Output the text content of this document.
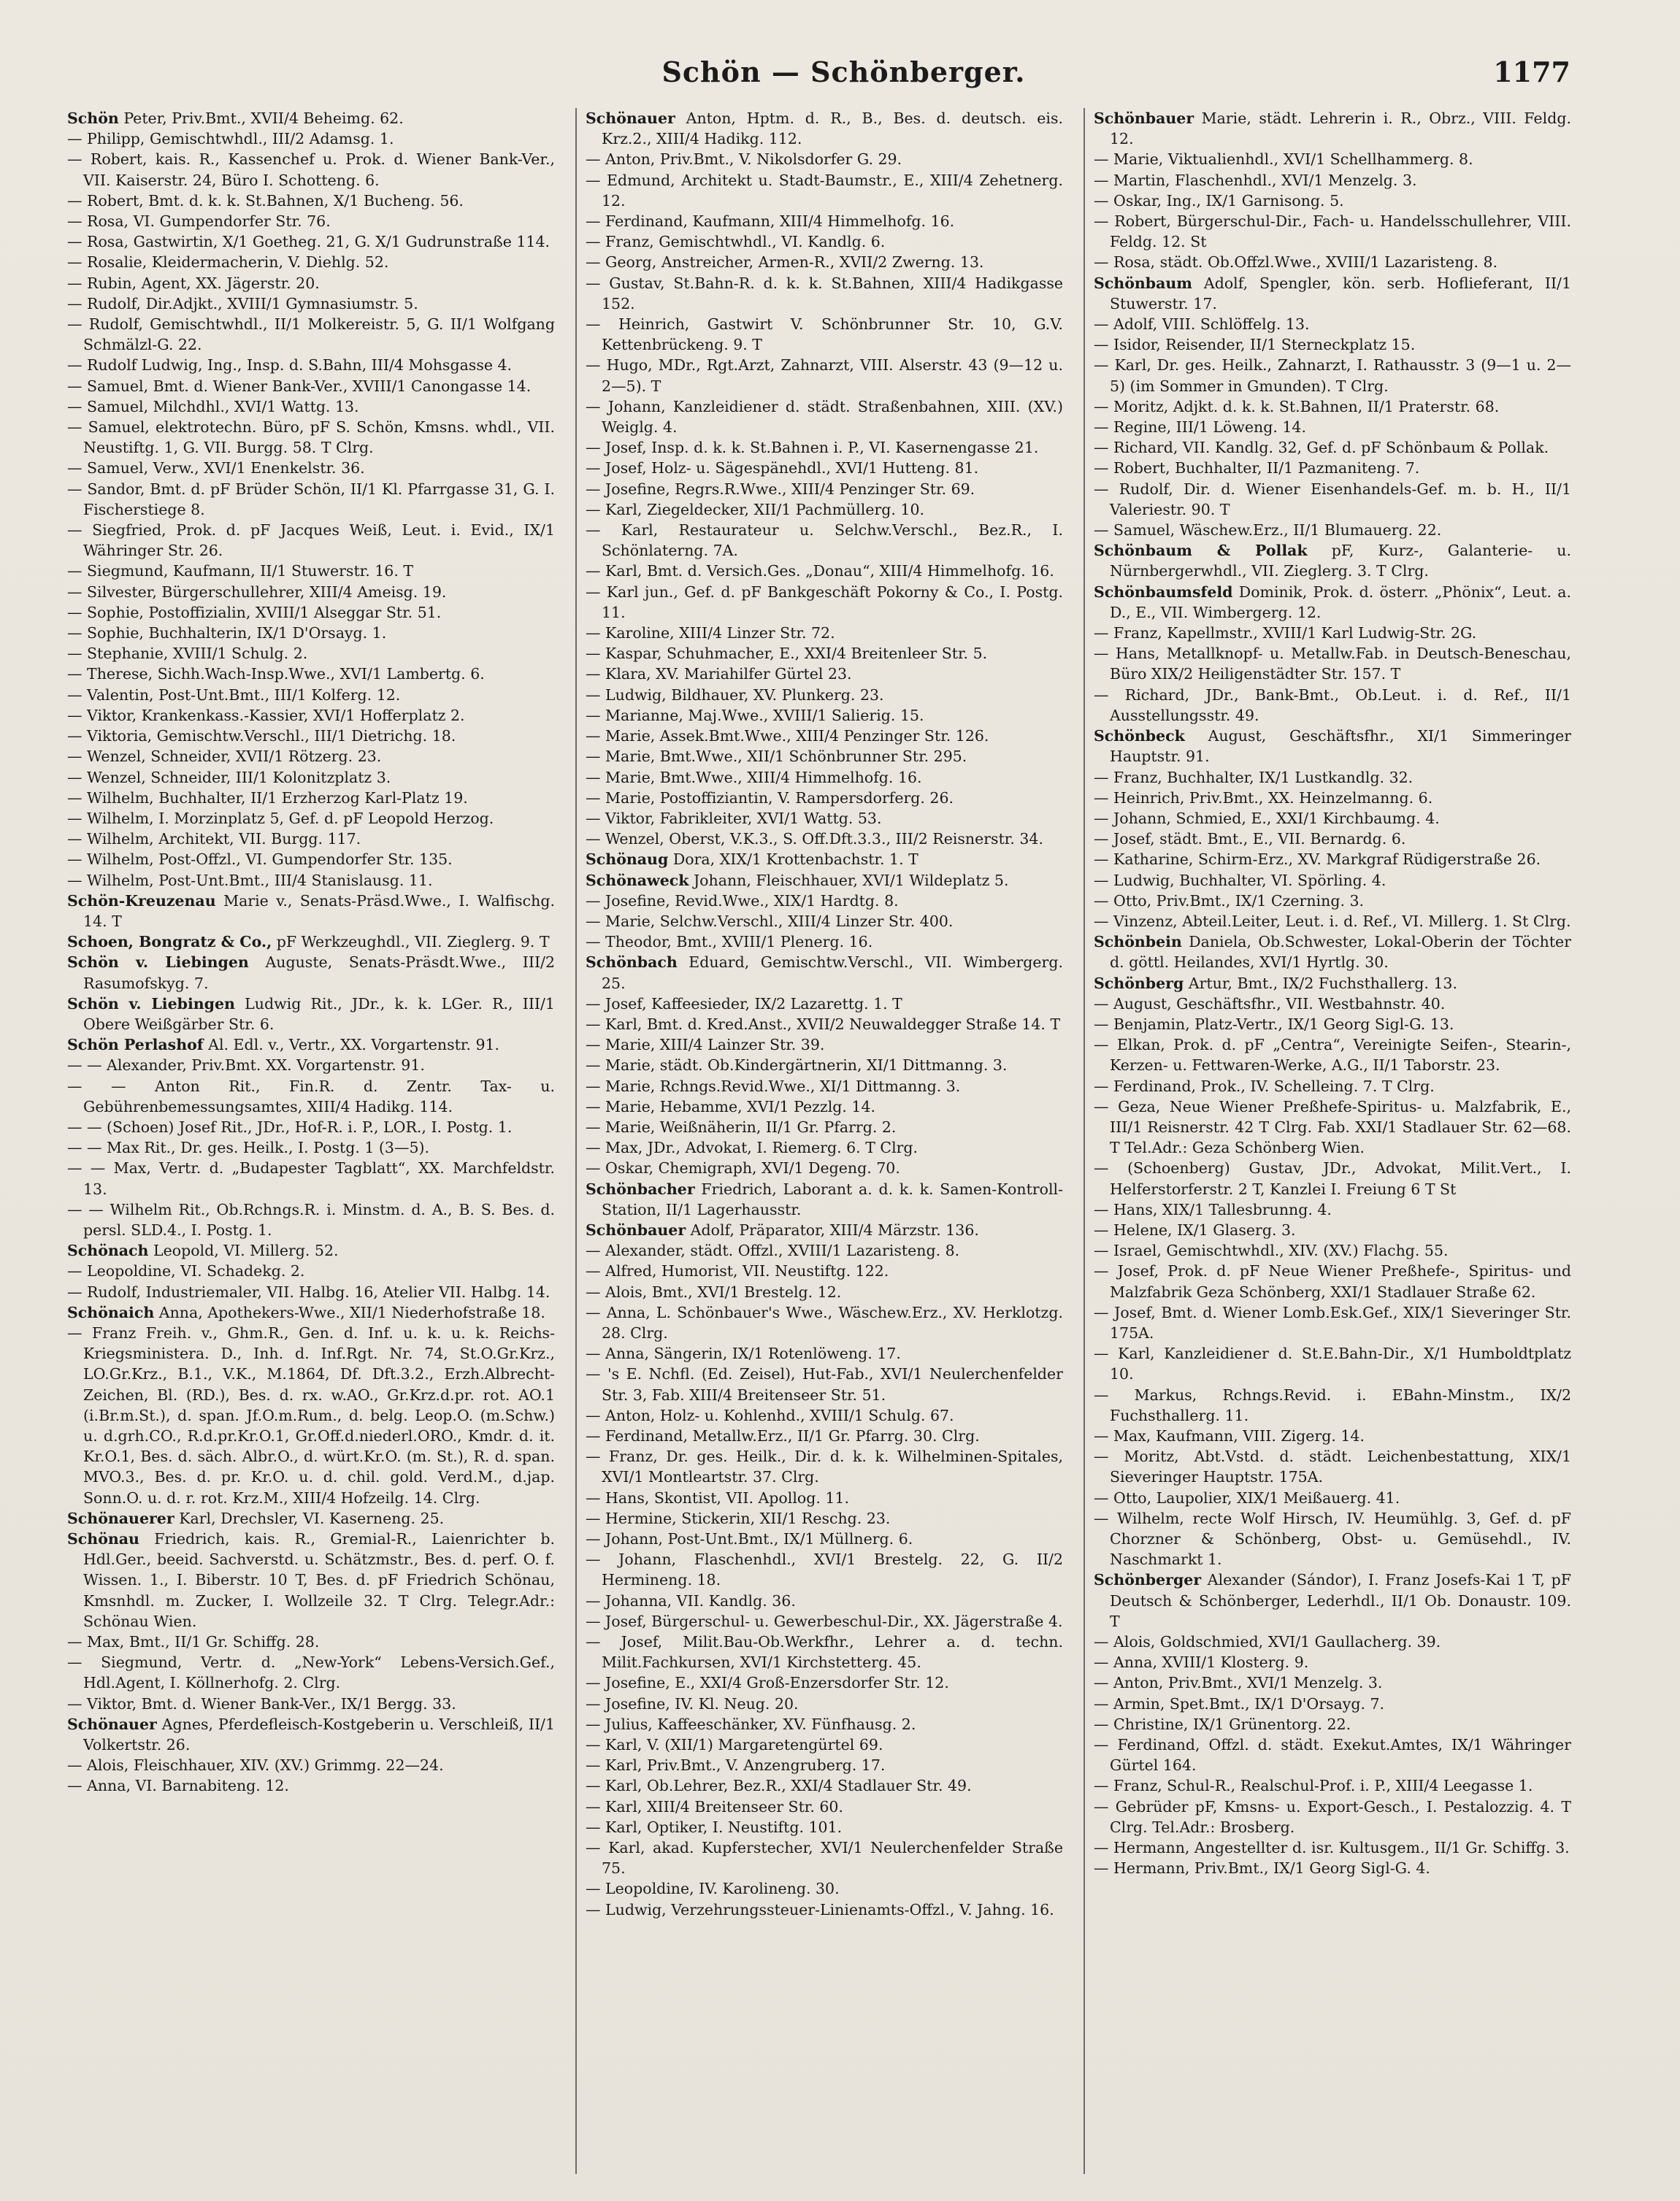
Schön — Schönberger.	1177

Schön Peter, Priv.Bmt., XVII/4 Beheimg. 62.

— Philipp, Gemischtwhdl., III/2 Adamsg. 1.

— Robert, kais. R., Kassenchef u. Prok. d. Wiener Bank-Ver., VII. Kaiserstr. 24, Büro I. Schotteng. 6.

— Robert, Bmt. d. k. k. St.Bahnen, X/1 Bucheng. 56.

— Rosa, VI. Gumpendorfer Str. 76.

— Rosa, Gastwirtin, X/1 Goetheg. 21, G. X/1 Gudrunstraße 114.

— Rosalie, Kleidermacherin, V. Diehlg. 52.

— Rubin, Agent, XX. Jägerstr. 20.

— Rudolf, Dir.Adjkt., XVIII/1 Gymnasiumstr. 5.

— Rudolf, Gemischtwhdl., II/1 Molkereistr. 5, G. II/1 Wolfgang Schmälzl-G. 22.

— Rudolf Ludwig, Ing., Insp. d. S.Bahn, III/4 Mohsgasse 4.

— Samuel, Bmt. d. Wiener Bank-Ver., XVIII/1 Canongasse 14.

— Samuel, Milchdhl., XVI/1 Wattg. 13.

— Samuel, elektrotechn. Büro, pF S. Schön, Kmsns. whdl., VII. Neustiftg. 1, G. VII. Burgg. 58. T Clrg.

— Samuel, Verw., XVI/1 Enenkelstr. 36.

— Sandor, Bmt. d. pF Brüder Schön, II/1 Kl. Pfarrgasse 31, G. I. Fischerstiege 8.

— Siegfried, Prok. d. pF Jacques Weiß, Leut. i. Evid., IX/1 Währinger Str. 26.

— Siegmund, Kaufmann, II/1 Stuwerstr. 16. T

— Silvester, Bürgerschullehrer, XIII/4 Ameisg. 19.

— Sophie, Postoffizialin, XVIII/1 Alseggar Str. 51.

— Sophie, Buchhalterin, IX/1 D'Orsayg. 1.

— Stephanie, XVIII/1 Schulg. 2.

— Therese, Sichh.Wach-Insp.Wwe., XVI/1 Lambertg. 6.

— Valentin, Post-Unt.Bmt., III/1 Kolferg. 12.

— Viktor, Krankenkass.-Kassier, XVI/1 Hofferplatz 2.

— Viktoria, Gemischtw.Verschl., III/1 Dietrichg. 18.

— Wenzel, Schneider, XVII/1 Rötzerg. 23.

— Wenzel, Schneider, III/1 Kolonitzplatz 3.

— Wilhelm, Buchhalter, II/1 Erzherzog Karl-Platz 19.

— Wilhelm, I. Morzinplatz 5, Gef. d. pF Leopold Herzog.

— Wilhelm, Architekt, VII. Burgg. 117.

— Wilhelm, Post-Offzl., VI. Gumpendorfer Str. 135.

— Wilhelm, Post-Unt.Bmt., III/4 Stanislausg. 11.

Schön-Kreuzenau Marie v., Senats-Präsd.Wwe., I. Walfischg. 14. T

Schoen, Bongratz & Co., pF Werkzeughdl., VII. Zieglerg. 9. T

Schön v. Liebingen Auguste, Senats-Präsdt.Wwe., III/2 Rasumofskyg. 7.

Schön v. Liebingen Ludwig Rit., JDr., k. k. LGer. R., III/1 Obere Weißgärber Str. 6.

Schön Perlashof Al. Edl. v., Vertr., XX. Vorgartenstr. 91.

— — Alexander, Priv.Bmt. XX. Vorgartenstr. 91.

— — Anton Rit., Fin.R. d. Zentr. Tax- u. Gebührenbemessungsamtes, XIII/4 Hadikg. 114.

— — (Schoen) Josef Rit., JDr., Hof-R. i. P., LOR., I. Postg. 1.

— — Max Rit., Dr. ges. Heilk., I. Postg. 1 (3—5).

— — Max, Vertr. d. „Budapester Tagblatt“, XX. Marchfeldstr. 13.

— — Wilhelm Rit., Ob.Rchngs.R. i. Minstm. d. A., B. S. Bes. d. persl. SLD.4., I. Postg. 1.

Schönach Leopold, VI. Millerg. 52.

— Leopoldine, VI. Schadekg. 2.

— Rudolf, Industriemaler, VII. Halbg. 16, Atelier VII. Halbg. 14.

Schönaich Anna, Apothekers-Wwe., XII/1 Niederhofstraße 18.

— Franz Freih. v., Ghm.R., Gen. d. Inf. u. k. u. k. Reichs-Kriegsministera. D., Inh. d. Inf.Rgt. Nr. 74, St.O.Gr.Krz., LO.Gr.Krz., B.1., V.K., M.1864, Df. Dft.3.2., Erzh.Albrecht-Zeichen, Bl. (RD.), Bes. d. rx. w.AO., Gr.Krz.d.pr. rot. AO.1 (i.Br.m.St.), d. span. Jf.O.m.Rum., d. belg. Leop.O. (m.Schw.) u. d.grh.CO., R.d.pr.Kr.O.1, Gr.Off.d.niederl.ORO., Kmdr. d. it. Kr.O.1, Bes. d. säch. Albr.O., d. würt.Kr.O. (m. St.), R. d. span. MVO.3., Bes. d. pr. Kr.O. u. d. chil. gold. Verd.M., d.jap. Sonn.O. u. d. r. rot. Krz.M., XIII/4 Hofzeilg. 14. Clrg.

Schönauerer Karl, Drechsler, VI. Kaserneng. 25.

Schönau Friedrich, kais. R., Gremial-R., Laienrichter b. Hdl.Ger., beeid. Sachverstd. u. Schätzmstr., Bes. d. perf. O. f. Wissen. 1., I. Biberstr. 10 T, Bes. d. pF Friedrich Schönau, Kmsnhdl. m. Zucker, I. Wollzeile 32. T Clrg. Telegr.Adr.: Schönau Wien.

— Max, Bmt., II/1 Gr. Schiffg. 28.

— Siegmund, Vertr. d. „New-York“ Lebens-Versich.Gef., Hdl.Agent, I. Köllnerhofg. 2. Clrg.

— Viktor, Bmt. d. Wiener Bank-Ver., IX/1 Bergg. 33.

Schönauer Agnes, Pferdefleisch-Kostgeberin u. Verschleiß, II/1 Volkertstr. 26.

— Alois, Fleischhauer, XIV. (XV.) Grimmg. 22—24.

— Anna, VI. Barnabiteng. 12.

Schönauer Anton, Hptm. d. R., B., Bes. d. deutsch. eis. Krz.2., XIII/4 Hadikg. 112.

— Anton, Priv.Bmt., V. Nikolsdorfer G. 29.

— Edmund, Architekt u. Stadt-Baumstr., E., XIII/4 Zehetnerg. 12.

— Ferdinand, Kaufmann, XIII/4 Himmelhofg. 16.

— Franz, Gemischtwhdl., VI. Kandlg. 6.

— Georg, Anstreicher, Armen-R., XVII/2 Zwerng. 13.

— Gustav, St.Bahn-R. d. k. k. St.Bahnen, XIII/4 Hadikgasse 152.

— Heinrich, Gastwirt V. Schönbrunner Str. 10, G.V. Kettenbrückeng. 9. T

— Hugo, MDr., Rgt.Arzt, Zahnarzt, VIII. Alserstr. 43 (9—12 u. 2—5). T

— Johann, Kanzleidiener d. städt. Straßenbahnen, XIII. (XV.) Weiglg. 4.

— Josef, Insp. d. k. k. St.Bahnen i. P., VI. Kasernengasse 21.

— Josef, Holz- u. Sägespänehdl., XVI/1 Hutteng. 81.

— Josefine, Regrs.R.Wwe., XIII/4 Penzinger Str. 69.

— Karl, Ziegeldecker, XII/1 Pachmüllerg. 10.

— Karl, Restaurateur u. Selchw.Verschl., Bez.R., I. Schönlaterng. 7A.

— Karl, Bmt. d. Versich.Ges. „Donau“, XIII/4 Himmelhofg. 16.

— Karl jun., Gef. d. pF Bankgeschäft Pokorny & Co., I. Postg. 11.

— Karoline, XIII/4 Linzer Str. 72.

— Kaspar, Schuhmacher, E., XXI/4 Breitenleer Str. 5.

— Klara, XV. Mariahilfer Gürtel 23.

— Ludwig, Bildhauer, XV. Plunkerg. 23.

— Marianne, Maj.Wwe., XVIII/1 Salierig. 15.

— Marie, Assek.Bmt.Wwe., XIII/4 Penzinger Str. 126.

— Marie, Bmt.Wwe., XII/1 Schönbrunner Str. 295.

— Marie, Bmt.Wwe., XIII/4 Himmelhofg. 16.

— Marie, Postoffiziantin, V. Rampersdorferg. 26.

— Viktor, Fabrikleiter, XVI/1 Wattg. 53.

— Wenzel, Oberst, V.K.3., S. Off.Dft.3.3., III/2 Reisnerstr. 34.

Schönaug Dora, XIX/1 Krottenbachstr. 1. T

Schönaweck Johann, Fleischhauer, XVI/1 Wildeplatz 5.

— Josefine, Revid.Wwe., XIX/1 Hardtg. 8.

— Marie, Selchw.Verschl., XIII/4 Linzer Str. 400.

— Theodor, Bmt., XVIII/1 Plenerg. 16.

Schönbach Eduard, Gemischtw.Verschl., VII. Wimbergerg. 25.

— Josef, Kaffeesieder, IX/2 Lazarettg. 1. T

— Karl, Bmt. d. Kred.Anst., XVII/2 Neuwaldegger Straße 14. T

— Marie, XIII/4 Lainzer Str. 39.

— Marie, städt. Ob.Kindergärtnerin, XI/1 Dittmanng. 3.

— Marie, Rchngs.Revid.Wwe., XI/1 Dittmanng. 3.

— Marie, Hebamme, XVI/1 Pezzlg. 14.

— Marie, Weißnäherin, II/1 Gr. Pfarrg. 2.

— Max, JDr., Advokat, I. Riemerg. 6. T Clrg.

— Oskar, Chemigraph, XVI/1 Degeng. 70.

Schönbacher Friedrich, Laborant a. d. k. k. Samen-Kontroll-Station, II/1 Lagerhausstr.

Schönbauer Adolf, Präparator, XIII/4 Märzstr. 136.

— Alexander, städt. Offzl., XVIII/1 Lazaristeng. 8.

— Alfred, Humorist, VII. Neustiftg. 122.

— Alois, Bmt., XVI/1 Brestelg. 12.

— Anna, L. Schönbauer's Wwe., Wäschew.Erz., XV. Herklotzg. 28. Clrg.

— Anna, Sängerin, IX/1 Rotenlöweng. 17.

— 's E. Nchfl. (Ed. Zeisel), Hut-Fab., XVI/1 Neulerchenfelder Str. 3, Fab. XIII/4 Breitenseer Str. 51.

— Anton, Holz- u. Kohlenhd., XVIII/1 Schulg. 67.

— Ferdinand, Metallw.Erz., II/1 Gr. Pfarrg. 30. Clrg.

— Franz, Dr. ges. Heilk., Dir. d. k. k. Wilhelminen-Spitales, XVI/1 Montleartstr. 37. Clrg.

— Hans, Skontist, VII. Apollog. 11.

— Hermine, Stickerin, XII/1 Reschg. 23.

— Johann, Post-Unt.Bmt., IX/1 Müllnerg. 6.

— Johann, Flaschenhdl., XVI/1 Brestelg. 22, G. II/2 Hermineng. 18.

— Johanna, VII. Kandlg. 36.

— Josef, Bürgerschul- u. Gewerbeschul-Dir., XX. Jägerstraße 4.

— Josef, Milit.Bau-Ob.Werkfhr., Lehrer a. d. techn. Milit.Fachkursen, XVI/1 Kirchstetterg. 45.

— Josefine, E., XXI/4 Groß-Enzersdorfer Str. 12.

— Josefine, IV. Kl. Neug. 20.

— Julius, Kaffeeschänker, XV. Fünfhausg. 2.

— Karl, V. (XII/1) Margaretengürtel 69.

— Karl, Priv.Bmt., V. Anzengruberg. 17.

— Karl, Ob.Lehrer, Bez.R., XXI/4 Stadlauer Str. 49.

— Karl, XIII/4 Breitenseer Str. 60.

— Karl, Optiker, I. Neustiftg. 101.

— Karl, akad. Kupferstecher, XVI/1 Neulerchenfelder Straße 75.

— Leopoldine, IV. Karolineng. 30.

— Ludwig, Verzehrungssteuer-Linienamts-Offzl., V. Jahng. 16.

Schönbauer Marie, städt. Lehrerin i. R., Obrz., VIII. Feldg. 12.

— Marie, Viktualienhdl., XVI/1 Schellhammerg. 8.

— Martin, Flaschenhdl., XVI/1 Menzelg. 3.

— Oskar, Ing., IX/1 Garnisong. 5.

— Robert, Bürgerschul-Dir., Fach- u. Handelsschullehrer, VIII. Feldg. 12. St

— Rosa, städt. Ob.Offzl.Wwe., XVIII/1 Lazaristeng. 8.

Schönbaum Adolf, Spengler, kön. serb. Hoflieferant, II/1 Stuwerstr. 17.

— Adolf, VIII. Schlöffelg. 13.

— Isidor, Reisender, II/1 Sterneckplatz 15.

— Karl, Dr. ges. Heilk., Zahnarzt, I. Rathausstr. 3 (9—1 u. 2—5) (im Sommer in Gmunden). T Clrg.

— Moritz, Adjkt. d. k. k. St.Bahnen, II/1 Praterstr. 68.

— Regine, III/1 Löweng. 14.

— Richard, VII. Kandlg. 32, Gef. d. pF Schönbaum & Pollak.

— Robert, Buchhalter, II/1 Pazmaniteng. 7.

— Rudolf, Dir. d. Wiener Eisenhandels-Gef. m. b. H., II/1 Valeriestr. 90. T

— Samuel, Wäschew.Erz., II/1 Blumauerg. 22.

Schönbaum & Pollak pF, Kurz-, Galanterie- u. Nürnbergerwhdl., VII. Zieglerg. 3. T Clrg.

Schönbaumsfeld Dominik, Prok. d. österr. „Phönix“, Leut. a. D., E., VII. Wimbergerg. 12.

— Franz, Kapellmstr., XVIII/1 Karl Ludwig-Str. 2G.

— Hans, Metallknopf- u. Metallw.Fab. in Deutsch-Beneschau, Büro XIX/2 Heiligenstädter Str. 157. T

— Richard, JDr., Bank-Bmt., Ob.Leut. i. d. Ref., II/1 Ausstellungsstr. 49.

Schönbeck August, Geschäftsfhr., XI/1 Simmeringer Hauptstr. 91.

— Franz, Buchhalter, IX/1 Lustkandlg. 32.

— Heinrich, Priv.Bmt., XX. Heinzelmanng. 6.

— Johann, Schmied, E., XXI/1 Kirchbaumg. 4.

— Josef, städt. Bmt., E., VII. Bernardg. 6.

— Katharine, Schirm-Erz., XV. Markgraf Rüdigerstraße 26.

— Ludwig, Buchhalter, VI. Spörling. 4.

— Otto, Priv.Bmt., IX/1 Czerning. 3.

— Vinzenz, Abteil.Leiter, Leut. i. d. Ref., VI. Millerg. 1. St Clrg.

Schönbein Daniela, Ob.Schwester, Lokal-Oberin der Töchter d. göttl. Heilandes, XVI/1 Hyrtlg. 30.

Schönberg Artur, Bmt., IX/2 Fuchsthallerg. 13.

— August, Geschäftsfhr., VII. Westbahnstr. 40.

— Benjamin, Platz-Vertr., IX/1 Georg Sigl-G. 13.

— Elkan, Prok. d. pF „Centra“, Vereinigte Seifen-, Stearin-, Kerzen- u. Fettwaren-Werke, A.G., II/1 Taborstr. 23.

— Ferdinand, Prok., IV. Schelleing. 7. T Clrg.

— Geza, Neue Wiener Preßhefe-Spiritus- u. Malzfabrik, E., III/1 Reisnerstr. 42 T Clrg. Fab. XXI/1 Stadlauer Str. 62—68. T Tel.Adr.: Geza Schönberg Wien.

— (Schoenberg) Gustav, JDr., Advokat, Milit.Vert., I. Helferstorferstr. 2 T, Kanzlei I. Freiung 6 T St

— Hans, XIX/1 Tallesbrunng. 4.

— Helene, IX/1 Glaserg. 3.

— Israel, Gemischtwhdl., XIV. (XV.) Flachg. 55.

— Josef, Prok. d. pF Neue Wiener Preßhefe-, Spiritus- und Malzfabrik Geza Schönberg, XXI/1 Stadlauer Straße 62.

— Josef, Bmt. d. Wiener Lomb.Esk.Gef., XIX/1 Sieveringer Str. 175A.

— Karl, Kanzleidiener d. St.E.Bahn-Dir., X/1 Humboldtplatz 10.

— Markus, Rchngs.Revid. i. EBahn-Minstm., IX/2 Fuchsthallerg. 11.

— Max, Kaufmann, VIII. Zigerg. 14.

— Moritz, Abt.Vstd. d. städt. Leichenbestattung, XIX/1 Sieveringer Hauptstr. 175A.

— Otto, Laupolier, XIX/1 Meißauerg. 41.

— Wilhelm, recte Wolf Hirsch, IV. Heumühlg. 3, Gef. d. pF Chorzner & Schönberg, Obst- u. Gemüsehdl., IV. Naschmarkt 1.

Schönberger Alexander (Sándor), I. Franz Josefs-Kai 1 T, pF Deutsch & Schönberger, Lederhdl., II/1 Ob. Donaustr. 109. T

— Alois, Goldschmied, XVI/1 Gaullacherg. 39.

— Anna, XVIII/1 Klosterg. 9.

— Anton, Priv.Bmt., XVI/1 Menzelg. 3.

— Armin, Spet.Bmt., IX/1 D'Orsayg. 7.

— Christine, IX/1 Grünentorg. 22.

— Ferdinand, Offzl. d. städt. Exekut.Amtes, IX/1 Währinger Gürtel 164.

— Franz, Schul-R., Realschul-Prof. i. P., XIII/4 Leegasse 1.

— Gebrüder pF, Kmsns- u. Export-Gesch., I. Pestalozzig. 4. T Clrg. Tel.Adr.: Brosberg.

— Hermann, Angestellter d. isr. Kultusgem., II/1 Gr. Schiffg. 3.

— Hermann, Priv.Bmt., IX/1 Georg Sigl-G. 4.
